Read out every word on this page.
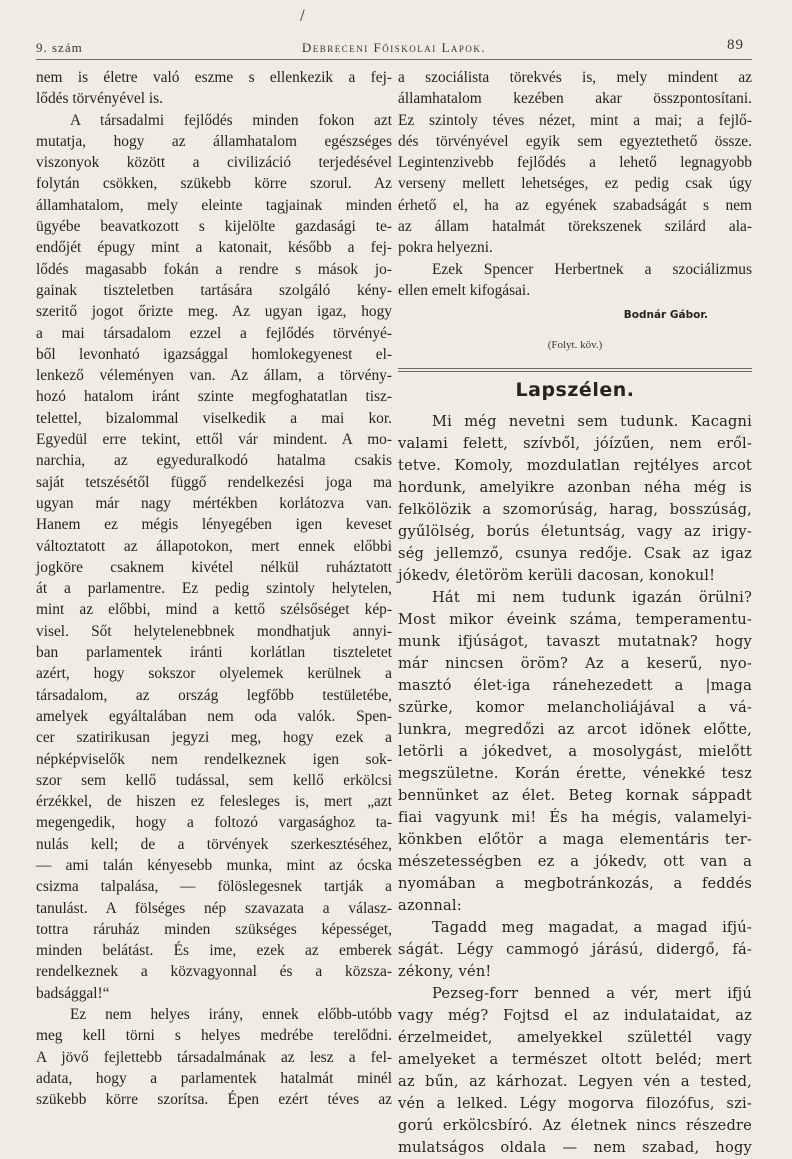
/
9. szám	Debreceni Főiskolai Lapok.	89
nem is életre való eszme s ellenkezik a fej-
lődés törvényével is.
A társadalmi fejlődés minden fokon azt
mutatja, hogy az államhatalom egészséges
viszonyok között a civilizáció terjedésével
folytán csökken, szükebb körre szorul. Az
államhatalom, mely eleinte tagjainak minden
ügyébe beavatkozott s kijelölte gazdasági te-
endőjét épugy mint a katonait, később a fej-
lődés magasabb fokán a rendre s mások jo-
gainak tiszteletben tartására szolgáló kény-
szeritő jogot őrizte meg. Az ugyan igaz, hogy
a mai társadalom ezzel a fejlődés törvényé-
ből levonható igazsággal homlokegyenest el-
lenkező véleményen van. Az állam, a törvény-
hozó hatalom iránt szinte megfoghatatlan tisz-
telettel, bizalommal viselkedik a mai kor.
Egyedül erre tekint, ettől vár mindent. A mo-
narchia, az egyeduralkodó hatalma csakis
saját tetszésétől függő rendelkezési joga ma
ugyan már nagy mértékben korlátozva van.
Hanem ez mégis lényegében igen keveset
változtatott az állapotokon, mert ennek előbbi
jogköre csaknem kivétel nélkül ruháztatott
át a parlamentre. Ez pedig szintoly helytelen,
mint az előbbi, mind a kettő szélsőséget kép-
visel. Sőt helytelenebbnek mondhatjuk annyi-
ban parlamentek iránti korlátlan tiszteletet
azért, hogy sokszor olyelemek kerülnek a
társadalom, az ország legfőbb testületébe,
amelyek egyáltalában nem oda valók. Spen-
cer szatirikusan jegyzi meg, hogy ezek a
népképviselők nem rendelkeznek igen sok-
szor sem kellő tudással, sem kellő erkölcsi
érzékkel, de hiszen ez felesleges is, mert „azt
megengedik, hogy a foltozó vargasághoz ta-
nulás kell; de a törvények szerkesztéséhez,
— ami talán kényesebb munka, mint az ócska
csizma talpalása, — fölöslegesnek tartják a
tanulást. A fölséges nép szavazata a válasz-
tottra ráruház minden szükséges képességet,
minden belátást. És ime, ezek az emberek
rendelkeznek a közvagyonnal és a közsza-
badsággal!“
Ez nem helyes irány, ennek előbb-utóbb
meg kell törni s helyes medrébe terelődni.
A jövő fejlettebb társadalmának az lesz a fel-
adata, hogy a parlamentek hatalmát minél
szükebb körre szorítsa. Épen ezért téves az
a szociálista törekvés is, mely mindent az
államhatalom kezében akar összpontosítani.
Ez szintoly téves nézet, mint a mai; a fejlő-
dés törvényével egyik sem egyeztethető össze.
Legintenzivebb fejlődés a lehető legnagyobb
verseny mellett lehetséges, ez pedig csak úgy
érhető el, ha az egyének szabadságát s nem
az állam hatalmát törekszenek szilárd ala-
pokra helyezni.
Ezek Spencer Herbertnek a szociálizmus
ellen emelt kifogásai.
Bodnár Gábor.
(Folyt. köv.)
Lapszélen.
Mi még nevetni sem tudunk. Kacagni
valami felett, szívből, jóízűen, nem eről-
tetve. Komoly, mozdulatlan rejtélyes arcot
hordunk, amelyikre azonban néha még is
felkölözik a szomorúság, harag, bosszúság,
gyűlölség, borús életuntság, vagy az irigy-
ség jellemző, csunya redője. Csak az igaz
jókedv, életöröm kerüli dacosan, konokul!
Hát mi nem tudunk igazán örülni?
Most mikor éveink száma, temperamentu-
munk ifjúságot, tavaszt mutatnak? hogy
már nincsen öröm? Az a keserű, nyo-
masztó élet-iga ránehezedett a |maga
szürke, komor melancholiájával a vá-
lunkra, megredőzi az arcot idönek előtte,
letörli a jókedvet, a mosolygást, mielőtt
megszületne. Korán érette, vénekké tesz
bennünket az élet. Beteg kornak sáppadt
fiai vagyunk mi! És ha mégis, valamelyi-
könkben előtör a maga elementáris ter-
mészetességben ez a jókedv, ott van a
nyomában a megbotránkozás, a feddés
azonnal:
Tagadd meg magadat, a magad ifjú-
ságát. Légy cammogó járású, didergő, fá-
zékony, vén!
Pezseg-forr benned a vér, mert ifjú
vagy még? Fojtsd el az indulataidat, az
érzelmeidet, amelyekkel születtél vagy
amelyeket a természet oltott beléd; mert
az bűn, az kárhozat. Legyen vén a tested,
vén a lelked. Légy mogorva filozófus, szi-
gorú erkölcsbíró. Az életnek nincs részedre
mulatságos oldala — nem szabad, hogy
